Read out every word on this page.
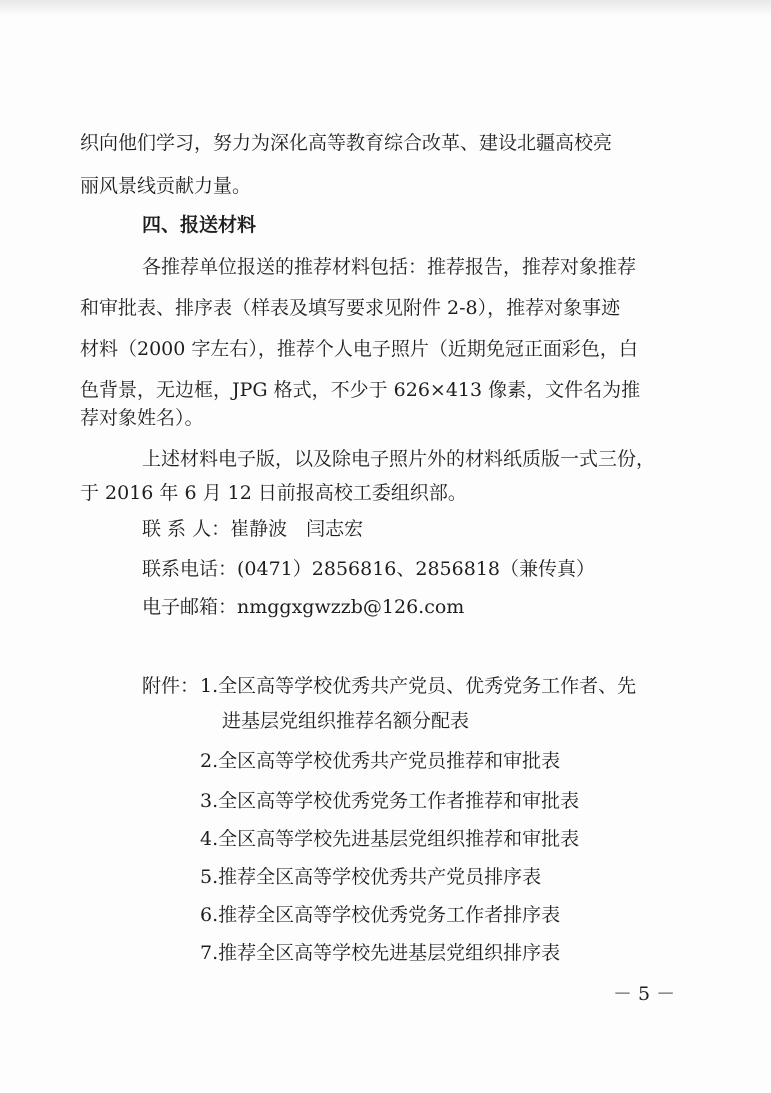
织向他们学习，努力为深化高等教育综合改革、建设北疆高校亮
丽风景线贡献力量。
四、报送材料
各推荐单位报送的推荐材料包括：推荐报告，推荐对象推荐
和审批表、排序表（样表及填写要求见附件 2-8），推荐对象事迹
材料（2000 字左右），推荐个人电子照片（近期免冠正面彩色，白
色背景，无边框，JPG 格式，不少于 626×413 像素，文件名为推
荐对象姓名）。
上述材料电子版，以及除电子照片外的材料纸质版一式三份，
于 2016 年 6 月 12 日前报高校工委组织部。
联 系 人：崔静波　闫志宏
联系电话：(0471）2856816、2856818（兼传真）
电子邮箱：nmggxgwzzb@126.com
附件： 1.全区高等学校优秀共产党员、优秀党务工作者、先
进基层党组织推荐名额分配表
2.全区高等学校优秀共产党员推荐和审批表
3.全区高等学校优秀党务工作者推荐和审批表
4.全区高等学校先进基层党组织推荐和审批表
5.推荐全区高等学校优秀共产党员排序表
6.推荐全区高等学校优秀党务工作者排序表
7.推荐全区高等学校先进基层党组织排序表
－ 5 －
